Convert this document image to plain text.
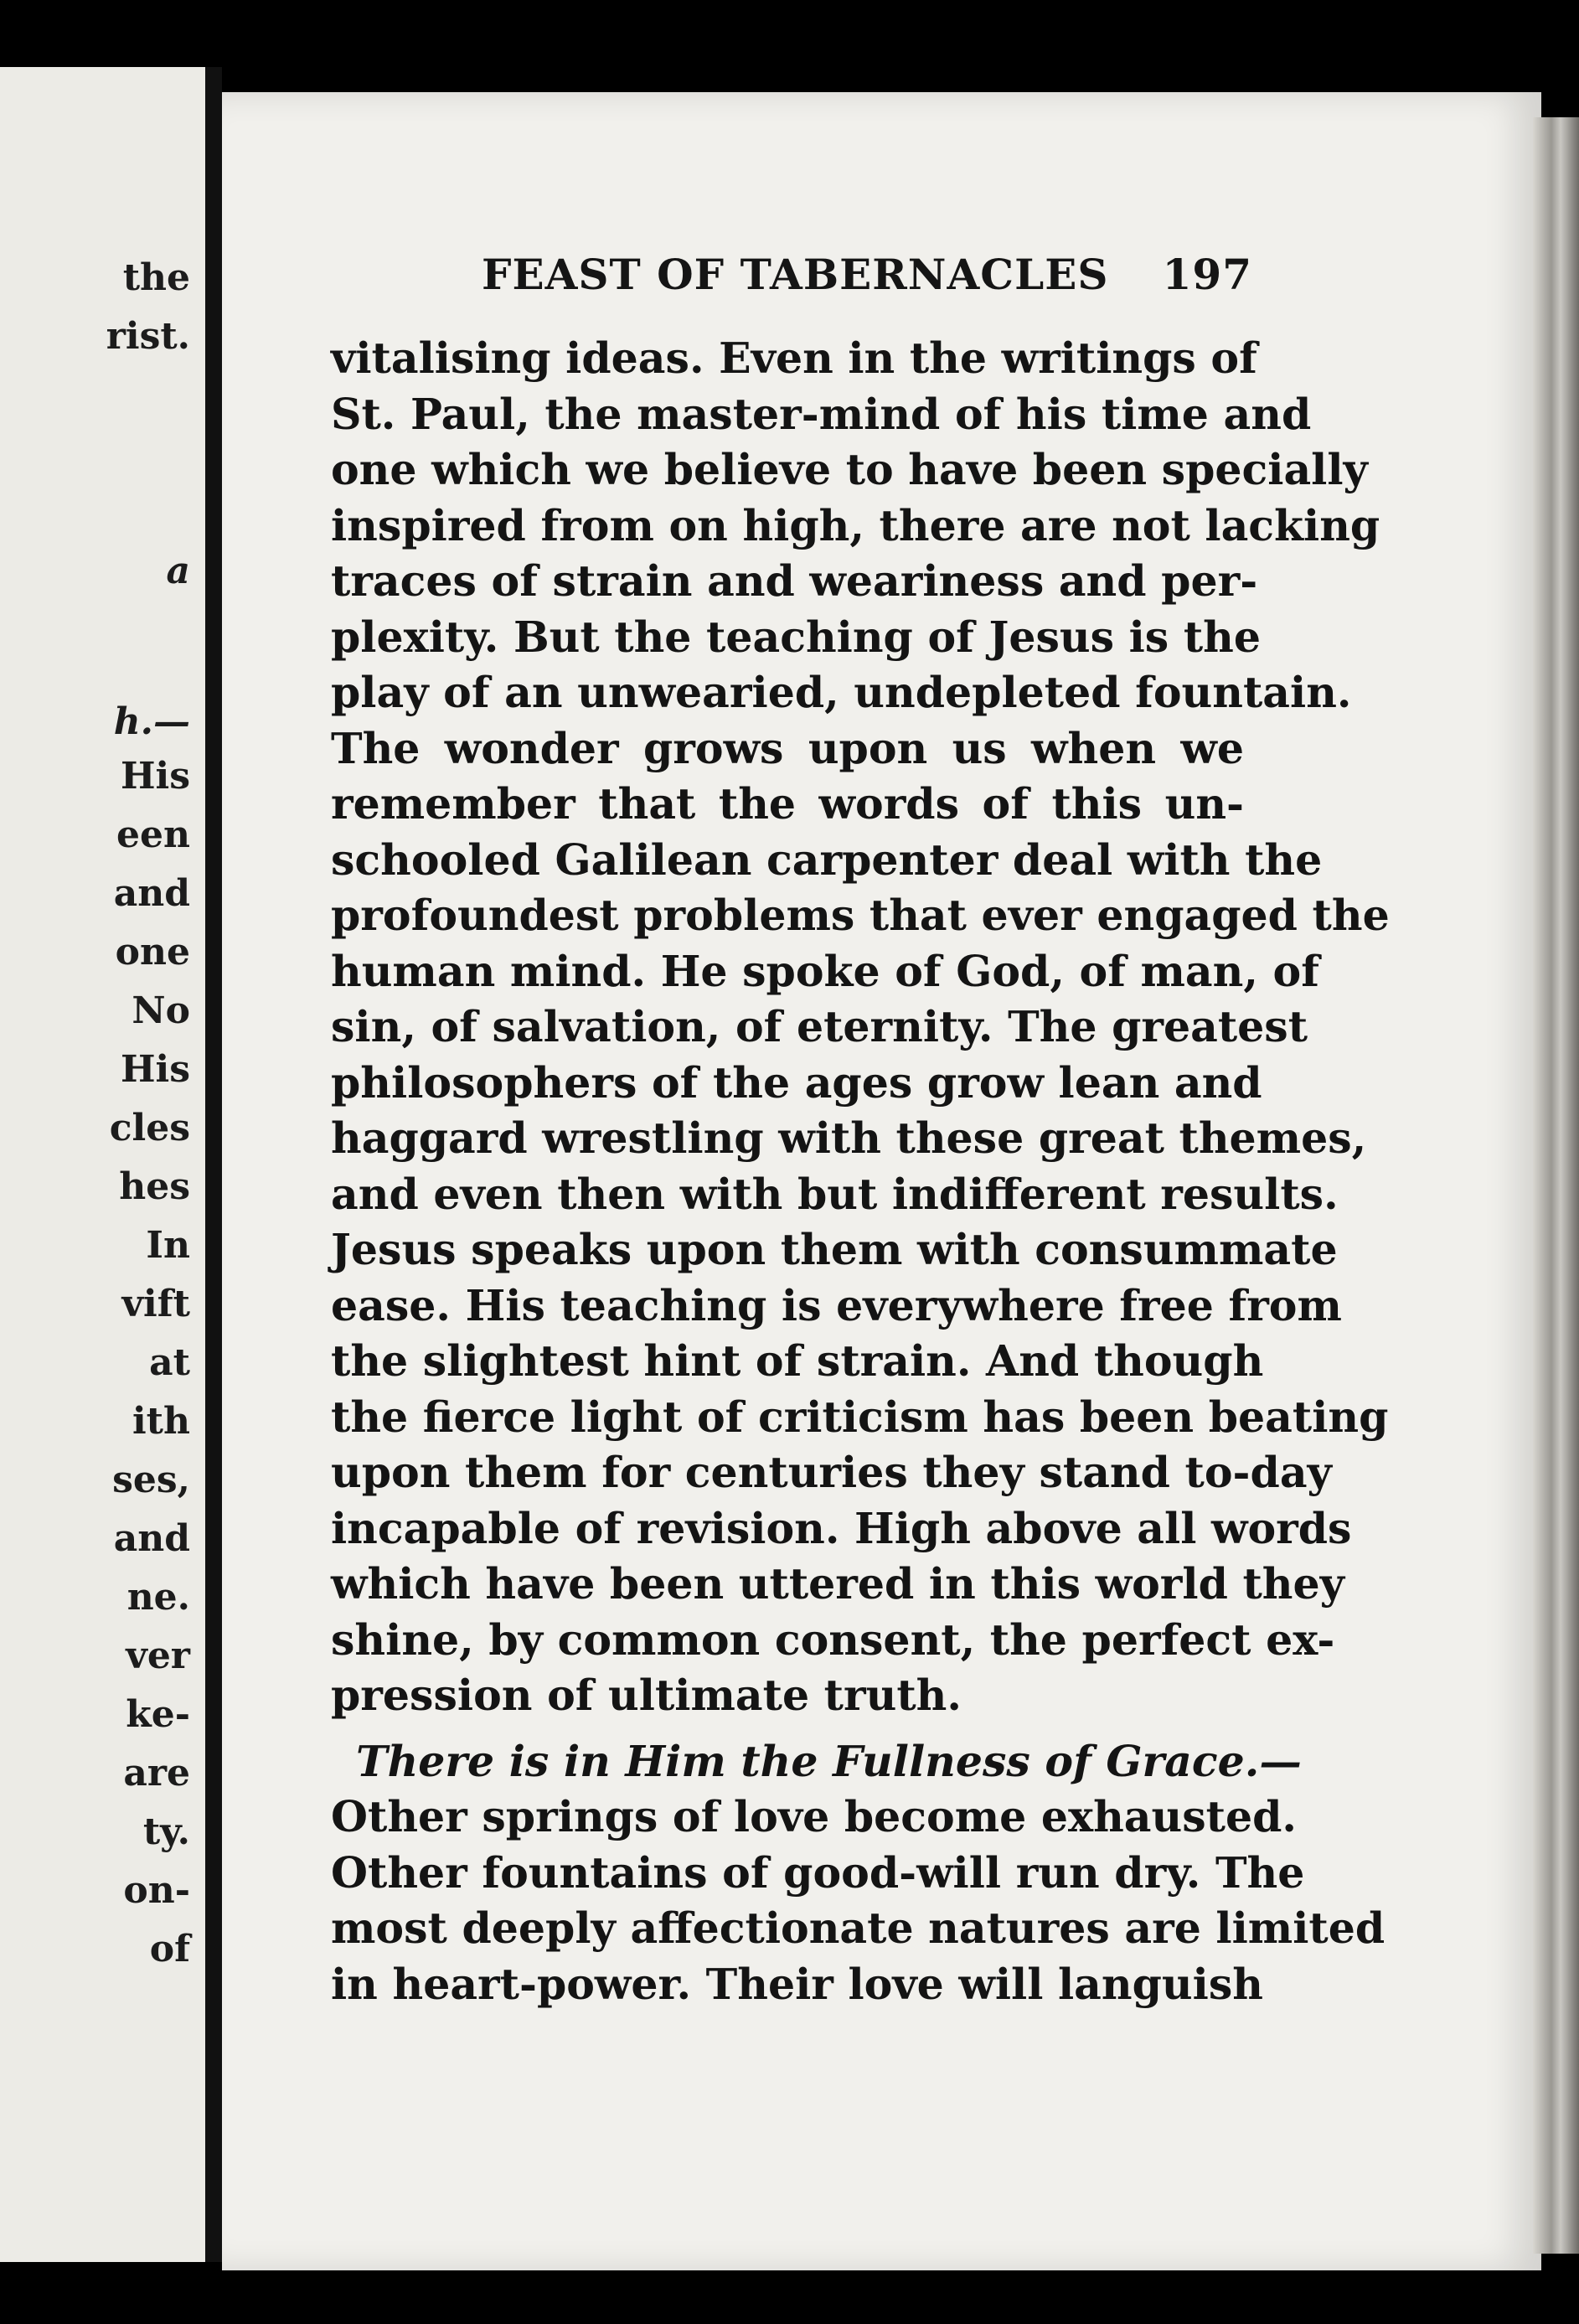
the
rist.
a
h.—
His
een
and
one
No
His
cles
hes
In
vift
at
ith
ses,
and
ne.
ver
ke-
are
ty.
on-
of
FEAST OF TABERNACLES 197
vitalising ideas. Even in the writings of
St. Paul, the master-mind of his time and
one which we believe to have been specially
inspired from on high, there are not lacking
traces of strain and weariness and per-
plexity. But the teaching of Jesus is the
play of an unwearied, undepleted fountain.
The wonder grows upon us when we
remember that the words of this un-
schooled Galilean carpenter deal with the
profoundest problems that ever engaged the
human mind. He spoke of God, of man, of
sin, of salvation, of eternity. The greatest
philosophers of the ages grow lean and
haggard wrestling with these great themes,
and even then with but indifferent results.
Jesus speaks upon them with consummate
ease. His teaching is everywhere free from
the slightest hint of strain. And though
the fierce light of criticism has been beating
upon them for centuries they stand to-day
incapable of revision. High above all words
which have been uttered in this world they
shine, by common consent, the perfect ex-
pression of ultimate truth.
There is in Him the Fullness of Grace.—
Other springs of love become exhausted.
Other fountains of good-will run dry. The
most deeply affectionate natures are limited
in heart-power. Their love will languish
